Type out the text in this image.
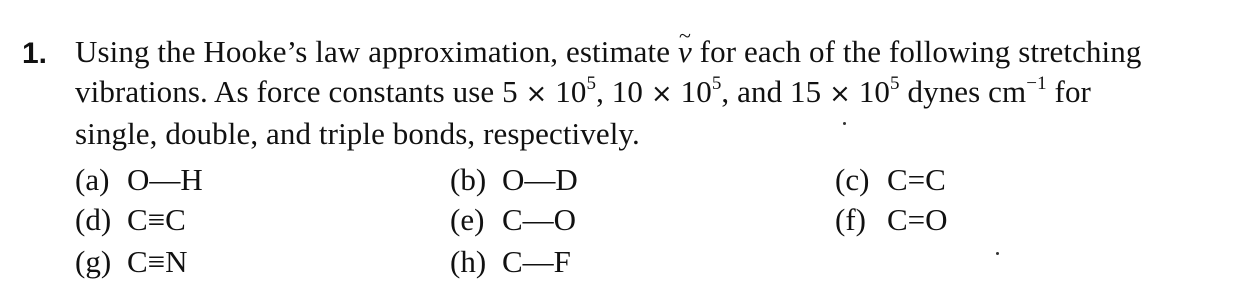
1. Using the Hooke’s law approximation, estimate ~ ν for each of the following stretching
vibrations. As force constants use $5 \times 10^5$, $10 \times 10^5$, and $15 \times 10^5$ dynes $cm^{-1}$ for
single, double, and triple bonds, respectively.
(a) O—H	(b) O—D	(c) C=C
(d) C≡C	(e) C—O	(f) C=O
(g) C≡N	(h) C—F
